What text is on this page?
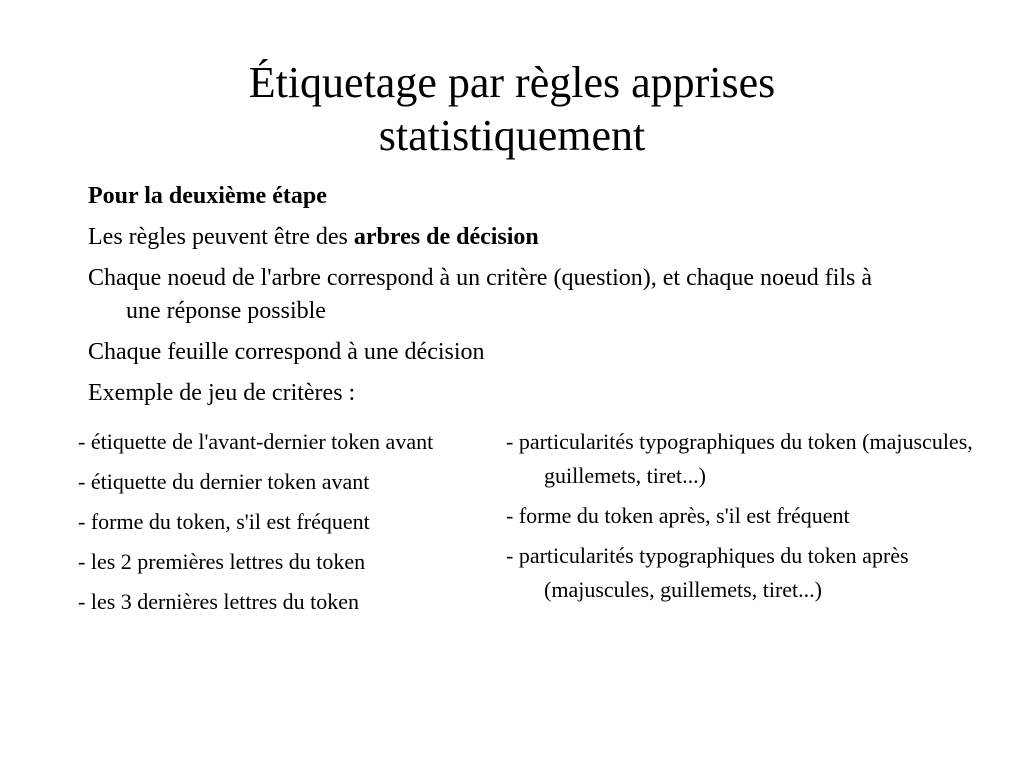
Étiquetage par règles apprises
statistiquement

Pour la deuxième étape

Les règles peuvent être des arbres de décision

Chaque noeud de l'arbre correspond à un critère (question), et chaque noeud fils à une réponse possible

Chaque feuille correspond à une décision

Exemple de jeu de critères :

- étiquette de l'avant-dernier token avant

- étiquette du dernier token avant

- forme du token, s'il est fréquent

- les 2 premières lettres du token

- les 3 dernières lettres du token

- particularités typographiques du token (majuscules, guillemets, tiret...)

- forme du token après, s'il est fréquent

- particularités typographiques du token après (majuscules, guillemets, tiret...)
